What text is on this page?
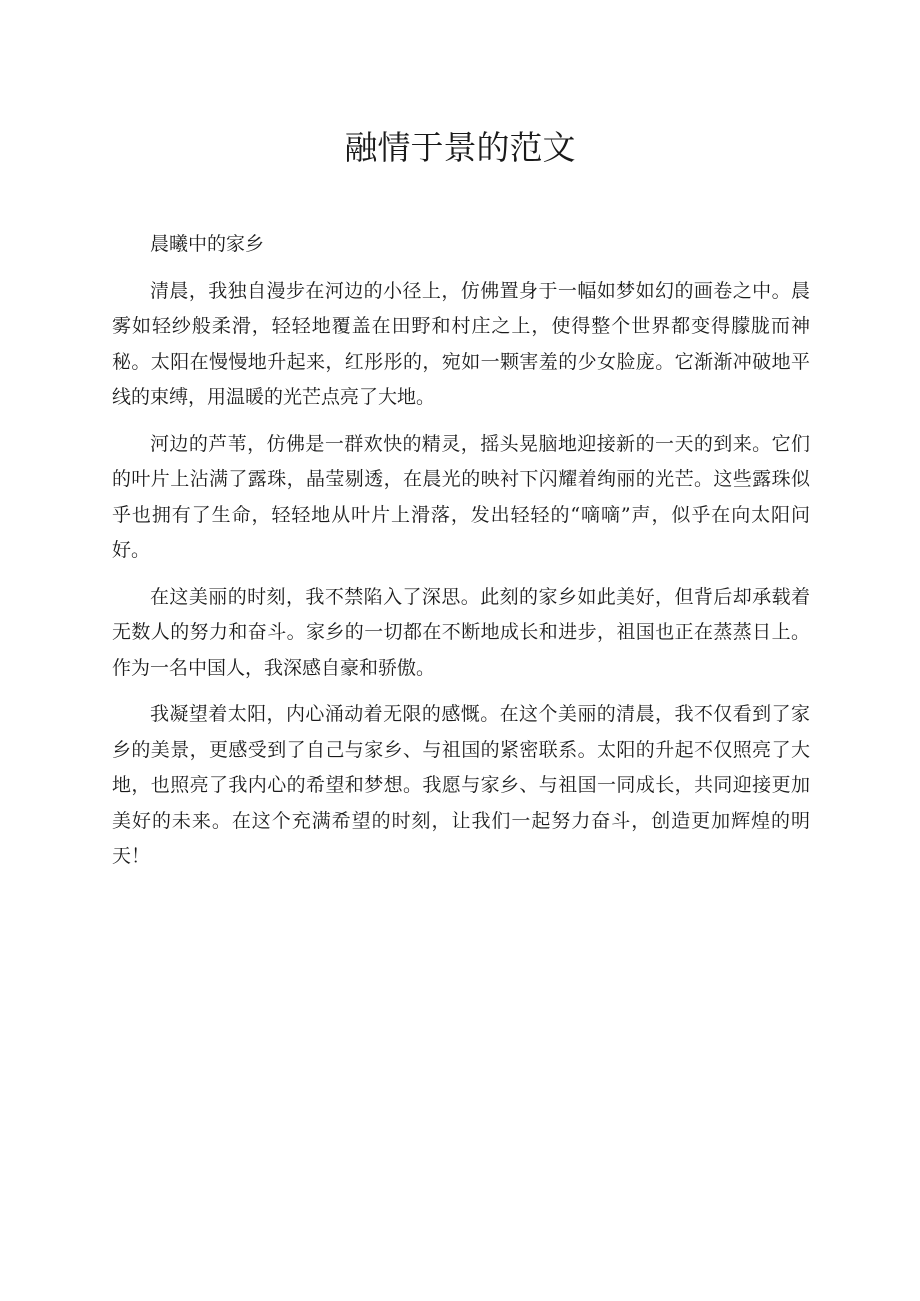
融情于景的范文

晨曦中的家乡

清晨，我独自漫步在河边的小径上，仿佛置身于一幅如梦如幻的画卷之中。晨雾如轻纱般柔滑，轻轻地覆盖在田野和村庄之上，使得整个世界都变得朦胧而神秘。太阳在慢慢地升起来，红彤彤的，宛如一颗害羞的少女脸庞。它渐渐冲破地平线的束缚，用温暖的光芒点亮了大地。

河边的芦苇，仿佛是一群欢快的精灵，摇头晃脑地迎接新的一天的到来。它们的叶片上沾满了露珠，晶莹剔透，在晨光的映衬下闪耀着绚丽的光芒。这些露珠似乎也拥有了生命，轻轻地从叶片上滑落，发出轻轻的“嘀嘀”声，似乎在向太阳问好。

在这美丽的时刻，我不禁陷入了深思。此刻的家乡如此美好，但背后却承载着无数人的努力和奋斗。家乡的一切都在不断地成长和进步，祖国也正在蒸蒸日上。作为一名中国人，我深感自豪和骄傲。

我凝望着太阳，内心涌动着无限的感慨。在这个美丽的清晨，我不仅看到了家乡的美景，更感受到了自己与家乡、与祖国的紧密联系。太阳的升起不仅照亮了大地，也照亮了我内心的希望和梦想。我愿与家乡、与祖国一同成长，共同迎接更加美好的未来。在这个充满希望的时刻，让我们一起努力奋斗，创造更加辉煌的明天！
